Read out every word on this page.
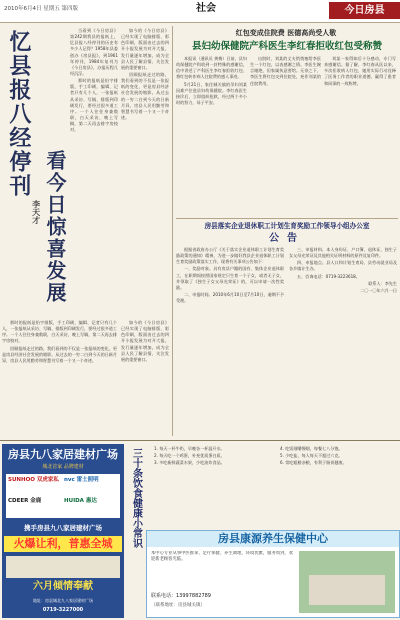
2010年6月4日 星期五 第四版	社会	今日房县
忆县报八经停刊
李天才 看今日惊喜发展

当看到《今日房县》第242期我县的报纸上，忆县报八经停刊的历史有多少人记得？1958年县委创办《房县报》，到1961年停刊，1984年复刊为《今日房县》，办报历程几经沉浮。

那时的报纸是铅字排版，手工印刷，编辑、记者只有几个人，一张报纸从采访、写稿、排版到印刷发行，要经过很多道工序。一个人往往身兼数职，白天采访，晚上写稿，第二天再去排字房校对。

如今的《今日房县》已经实现了电脑排版、彩色印刷，版面由过去的四开小报发展为对开大报，发行量逐年增加，成为全县人民了解县情、关注发展的重要窗口。

回顾报纸走过的路，我们看到的不仅是一张报纸的变化，更是房县经济社会发展的缩影。从过去的一穷二白到今天的日新月异，房县人民用勤劳和智慧书写着一个又一个奇迹。

那时的报纸是铅字排版，手工印刷，编辑、记者只有几个人，一张报纸从采访、写稿、排版到印刷发行，要经过很多道工序。一个人往往身兼数职，白天采访，晚上写稿，第二天再去排字房校对。

回顾报纸走过的路，我们看到的不仅是一张报纸的变化，更是房县经济社会发展的缩影。从过去的一穷二白到今天的日新月异，房县人民用勤劳和智慧书写着一个又一个奇迹。

如今的《今日房县》已经实现了电脑排版、彩色印刷，版面由过去的四开小报发展为对开大报，发行量逐年增加，成为全县人民了解县情、关注发展的重要窗口。

红包变成住院费 医德高尚受人敬
县妇幼保健院产科医生李红春拒收红包受称赞

本报讯（通讯员 黄梅）日前，县妇幼保健院产科收到一封特殊的感谢信，信中讲述了产科医生李红春拒收红包、将红包转作病人住院费的感人事迹。

5月21日，家住城关镇的孕妇刘某因难产住进县妇幼保健院。李红春医生接诊后，立即组织抢救，经过两个多小时的努力，母子平安。

出院时，刘某的丈夫悄悄塞给李医生一个红包，以表感谢之情。李医生婉言谢绝，但家属执意要给。无奈之下，李医生将红包交到住院处，充作刘某的住院费用。

刘某一家得知后十分感动，专门写来感谢信。据了解，李红春从医以来，多次拒收病人红包，她用实际行动诠释了医务工作者的职业道德，赢得了患者和同事的一致称赞。

房县落实企业退休职工计划生育奖励工作领导小组办公室
公告

根据省政府办公厅《关于落实企业退休职工计划生育奖励政策的通知》精神，为进一步做好我县企业退休职工计划生育奖励政策落实工作，现将有关事项公告如下：

一、奖励对象。具有房县户籍的国有、集体企业退休职工，在职期间按照国家规定只生育一个子女，或者无子女，并领取了《独生子女父母光荣证》的，可以申请一次性奖励。

二、申报时间。2010年6月10日至7月10日，逾期不予受理。

三、申报材料。本人身份证、户口簿、退休证、独生子女父母光荣证及其他相关证明材料的原件及复印件。

四、申报地点。县人口和计划生育局、县劳动就业局及各乡镇计生办。

五、咨询电话：0719-3223618。

联系人：李先生

二〇一〇年六月一日

房县九八家居建材广场
城北首家 品牌建材
SUNHOO 双虎家私 nvc 雷士照明
CDEER 金鹿	HUIDA 惠达
携手房县九八家居建材广场
火爆让利，普惠全城
六月倾情奉献
地址：房县城北九八家居建材广场
0719-3227000
三十条饮食健康小常识	1. 每天一杯牛奶，早晚各一杯温开水。

2. 每天吃一个鸡蛋，补充优质蛋白质。

3. 多吃新鲜蔬菜水果，少吃油炸食品。

4. 吃饭细嚼慢咽，每餐七八分饱。

5. 少吃盐，每人每天不超过六克。

6. 常吃粗粮杂粮，有利于肠胃健康。

房县康源养生保健中心
本中心专业从事中医推拿、足疗保健、养生调理，环境优雅，服务周到，欢迎新老顾客光临。
联系电话：13997882789
（联系地址：房县城关镇）
